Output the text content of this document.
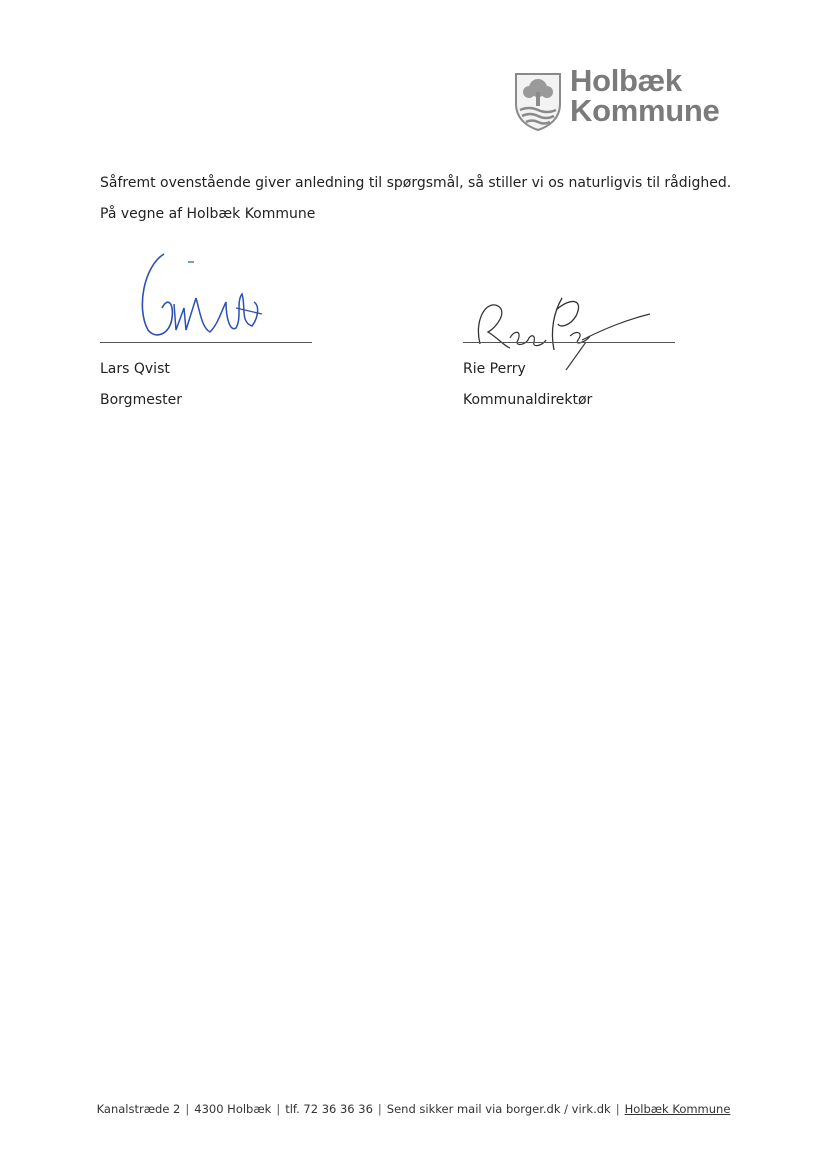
Holbæk
Kommune
Såfremt ovenstående giver anledning til spørgsmål, så stiller vi os naturligvis til rådighed.
På vegne af Holbæk Kommune
Lars Qvist
Borgmester
Rie Perry
Kommunaldirektør
Kanalstræde 2 | 4300 Holbæk | tlf. 72 36 36 36 | Send sikker mail via borger.dk / virk.dk | Holbæk Kommune
